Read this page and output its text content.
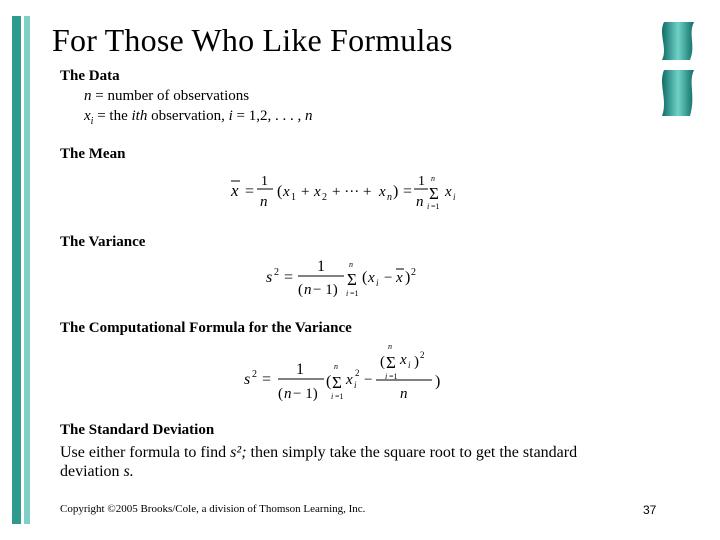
For Those Who Like Formulas
The Data
n = number of observations
$x_i$ = the ith observation, i = 1,2, . . . , n
The Mean
x =
1
n
( x 1 + x 2 + ··· + x n ) =
1
n
n
Σ
i =1
x i
The Variance
s 2 =
1
( n − 1)
n
Σ
i =1
( x i − x ) 2
The Computational Formula for the Variance
s 2 =
1
( n − 1)
(
n
Σ
i =1
x i
2 −
(
n
Σ
i =1
x i ) 2
n
)
The Standard Deviation
Use either formula to find s²; then simply take the square root to get the standard deviation s.
Copyright ©2005 Brooks/Cole, a division of Thomson Learning, Inc.	37
